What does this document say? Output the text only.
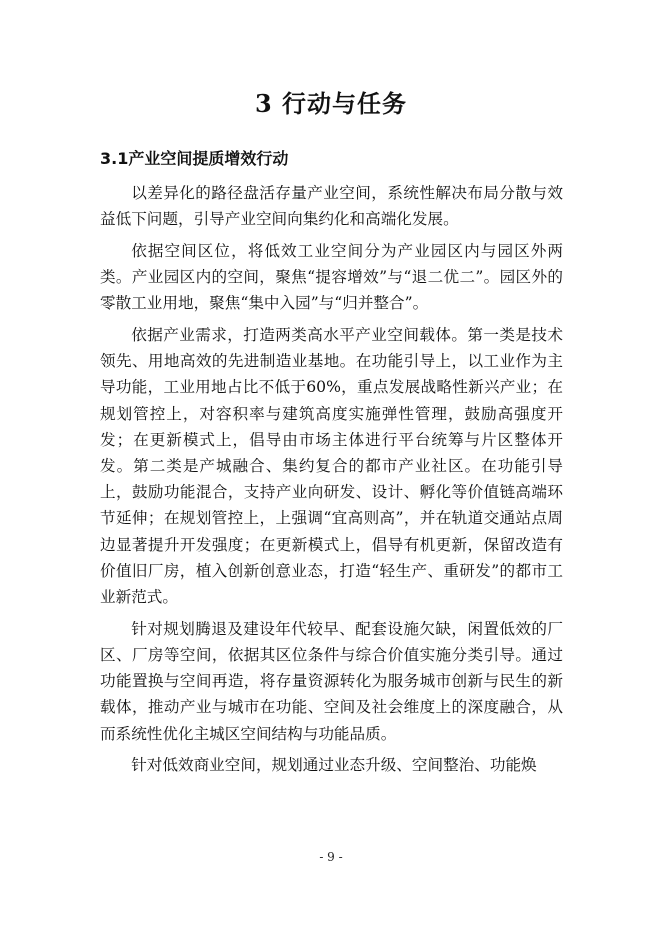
3 行动与任务
3.1产业空间提质增效行动

以差异化的路径盘活存量产业空间，系统性解决布局分散与效益低下问题，引导产业空间向集约化和高端化发展。

依据空间区位，将低效工业空间分为产业园区内与园区外两类。产业园区内的空间，聚焦“提容增效”与“退二优二”。园区外的零散工业用地，聚焦“集中入园”与“归并整合”。

依据产业需求，打造两类高水平产业空间载体。第一类是技术领先、用地高效的先进制造业基地。在功能引导上，以工业作为主导功能，工业用地占比不低于60%，重点发展战略性新兴产业；在规划管控上，对容积率与建筑高度实施弹性管理，鼓励高强度开发；在更新模式上，倡导由市场主体进行平台统筹与片区整体开发。第二类是产城融合、集约复合的都市产业社区。在功能引导上，鼓励功能混合，支持产业向研发、设计、孵化等价值链高端环节延伸；在规划管控上，上强调“宜高则高”，并在轨道交通站点周边显著提升开发强度；在更新模式上，倡导有机更新，保留改造有价值旧厂房，植入创新创意业态，打造“轻生产、重研发”的都市工业新范式。

针对规划腾退及建设年代较早、配套设施欠缺，闲置低效的厂区、厂房等空间，依据其区位条件与综合价值实施分类引导。通过功能置换与空间再造，将存量资源转化为服务城市创新与民生的新载体，推动产业与城市在功能、空间及社会维度上的深度融合，从而系统性优化主城区空间结构与功能品质。

针对低效商业空间，规划通过业态升级、空间整治、功能焕

- 9 -
